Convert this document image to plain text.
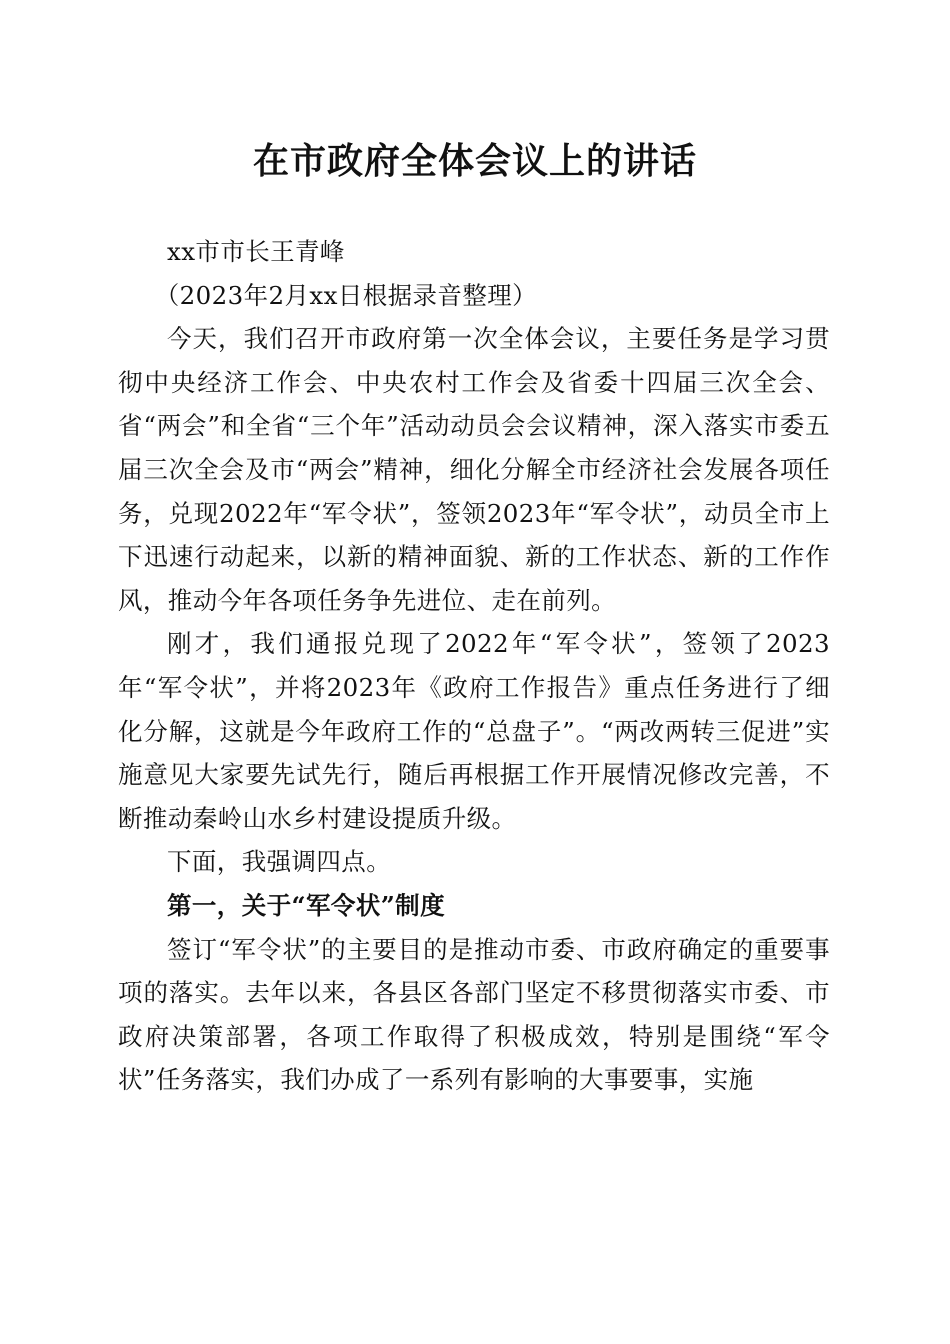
在市政府全体会议上的讲话

xx市市长王青峰

（2023年2月xx日根据录音整理）

今天，我们召开市政府第一次全体会议，主要任务是学习贯彻中央经济工作会、中央农村工作会及省委十四届三次全会、省“两会”和全省“三个年”活动动员会会议精神，深入落实市委五届三次全会及市“两会”精神，细化分解全市经济社会发展各项任务，兑现2022年“军令状”，签领2023年“军令状”，动员全市上下迅速行动起来，以新的精神面貌、新的工作状态、新的工作作风，推动今年各项任务争先进位、走在前列。

刚才，我们通报兑现了2022年“军令状”，签领了2023年“军令状”，并将2023年《政府工作报告》重点任务进行了细化分解，这就是今年政府工作的“总盘子”。“两改两转三促进”实施意见大家要先试先行，随后再根据工作开展情况修改完善，不断推动秦岭山水乡村建设提质升级。

下面，我强调四点。

第一，关于“军令状”制度

签订“军令状”的主要目的是推动市委、市政府确定的重要事项的落实。去年以来，各县区各部门坚定不移贯彻落实市委、市政府决策部署，各项工作取得了积极成效，特别是围绕“军令状”任务落实，我们办成了一系列有影响的大事要事，实施
